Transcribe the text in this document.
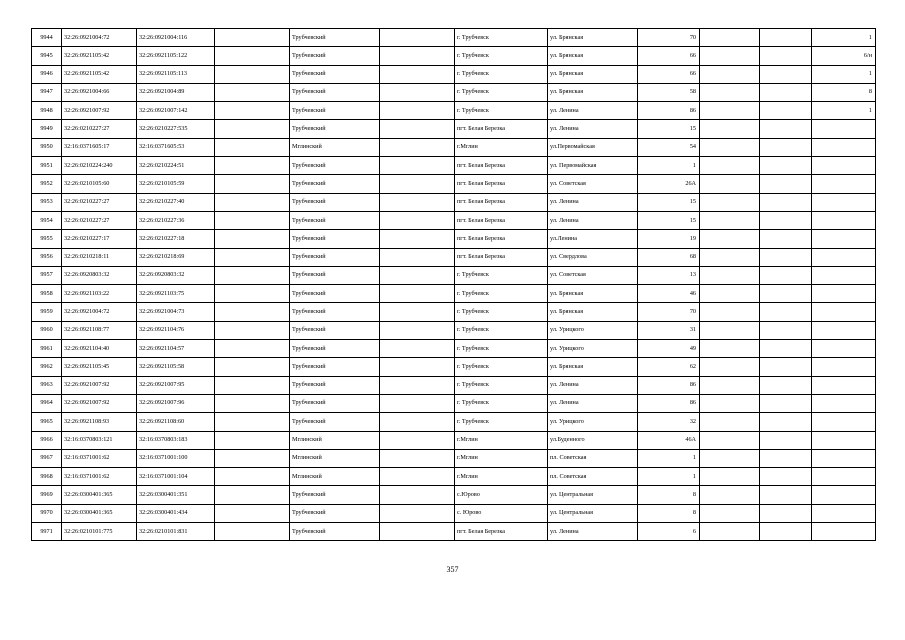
9944	32:26:0921004:72	32:26:0921004:116		Трубчевский		г. Трубчевск	ул. Брянская	70			1
9945	32:26:0921105:42	32:26:0921105:122		Трубчевский		г. Трубчевск	ул. Брянская	66			6/н
9946	32:26:0921105:42	32:26:0921105:113		Трубчевский		г. Трубчевск	ул. Брянская	66			1
9947	32:26:0921004:66	32:26:0921004:89		Трубчевский		г. Трубчевск	ул. Брянская	58			8
9948	32:26:0921007:92	32:26:0921007:142		Трубчевский		г. Трубчевск	ул. Ленина	86			1
9949	32:26:0210227:27	32:26:0210227:535		Трубчевский		пгт. Белая Березка	ул. Ленина	15			
9950	32:16:0371605:17	32:16:0371605:53		Мглинский		г.Мглин	ул.Первомайская	54			
9951	32:26:0210224:240	32:26:0210224:51		Трубчевский		пгт. Белая Березка	ул. Первомайская	1			
9952	32:26:0210105:60	32:26:0210105:59		Трубчевский		пгт. Белая Березка	ул. Советская	26А			
9953	32:26:0210227:27	32:26:0210227:40		Трубчевский		пгт. Белая Березка	ул. Ленина	15			
9954	32:26:0210227:27	32:26:0210227:36		Трубчевский		пгт. Белая Березка	ул. Ленина	15			
9955	32:26:0210227:17	32:26:0210227:18		Трубчевский		пгт. Белая Березка	ул.Ленина	19			
9956	32:26:0210218:11	32:26:0210218:69		Трубчевский		пгт. Белая Березка	ул. Свердлова	68			
9957	32:26:0920803:32	32:26:0920803:32		Трубчевский		г. Трубчевск	ул. Советская	13			
9958	32:26:0921103:22	32:26:0921103:75		Трубчевский		г. Трубчевск	ул. Брянская	46			
9959	32:26:0921004:72	32:26:0921004:73		Трубчевский		г. Трубчевск	ул. Брянская	70			
9960	32:26:0921108:77	32:26:0921104:76		Трубчевский		г. Трубчевск	ул. Урицкого	31			
9961	32:26:0921104:40	32:26:0921104:57		Трубчевский		г. Трубчевск	ул. Урицкого	49			
9962	32:26:0921105:45	32:26:0921105:58		Трубчевский		г. Трубчевск	ул. Брянская	62			
9963	32:26:0921007:92	32:26:0921007:95		Трубчевский		г. Трубчевск	ул. Ленина	86			
9964	32:26:0921007:92	32:26:0921007:96		Трубчевский		г. Трубчевск	ул. Ленина	86			
9965	32:26:0921108:93	32:26:0921108:60		Трубчевский		г. Трубчевск	ул. Урицкого	32			
9966	32:16:0370803:121	32:16:0370803:183		Мглинский		г.Мглин	ул.Буденного	46А			
9967	32:16:0371001:62	32:16:0371001:100		Мглинский		г.Мглин	пл. Советская	1			
9968	32:16:0371001:62	32:16:0371001:104		Мглинский		г.Мглин	пл. Советская	1			
9969	32:26:0300401:365	32:26:0300401:351		Трубчевский		с.Юрово	ул. Центральная	8			
9970	32:26:0300401:365	32:26:0300401:434		Трубчевский		с. Юрово	ул. Центральная	8			
9971	32:26:0210101:775	32:26:0210101:831		Трубчевский		пгт. Белая Березка	ул. Ленина	6			
357
